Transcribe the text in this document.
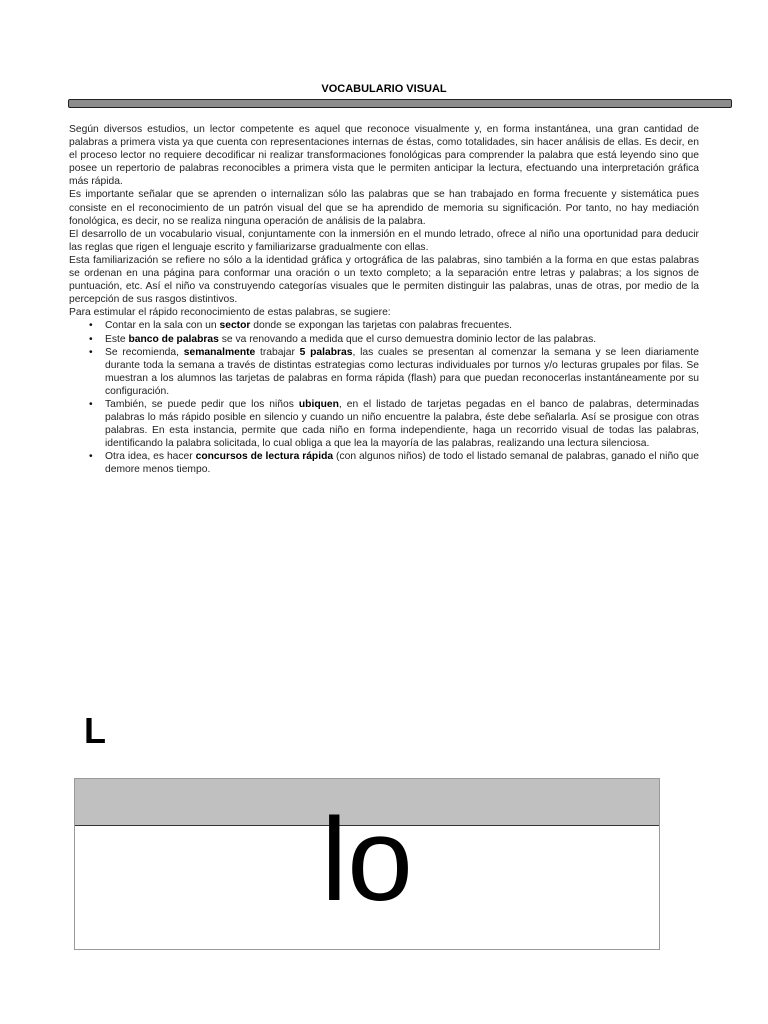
VOCABULARIO VISUAL

Según diversos estudios, un lector competente es aquel que reconoce visualmente y, en forma instantánea, una gran cantidad de palabras a primera vista ya que cuenta con representaciones internas de éstas, como totalidades, sin hacer análisis de ellas. Es decir, en el proceso lector no requiere decodificar ni realizar transformaciones fonológicas para comprender la palabra que está leyendo sino que posee un repertorio de palabras reconocibles a primera vista que le permiten anticipar la lectura, efectuando una interpretación gráfica más rápida.

Es importante señalar que se aprenden o internalizan sólo las palabras que se han trabajado en forma frecuente y sistemática pues consiste en el reconocimiento de un patrón visual del que se ha aprendido de memoria su significación. Por tanto, no hay mediación fonológica, es decir, no se realiza ninguna operación de análisis de la palabra.

El desarrollo de un vocabulario visual, conjuntamente con la inmersión en el mundo letrado, ofrece al niño una oportunidad para deducir las reglas que rigen el lenguaje escrito y familiarizarse gradualmente con ellas.

Esta familiarización se refiere no sólo a la identidad gráfica y ortográfica de las palabras, sino también a la forma en que estas palabras se ordenan en una página para conformar una oración o un texto completo; a la separación entre letras y palabras; a los signos de puntuación, etc. Así el niño va construyendo categorías visuales que le permiten distinguir las palabras, unas de otras, por medio de la percepción de sus rasgos distintivos.

Para estimular el rápido reconocimiento de estas palabras, se sugiere:

• Contar en la sala con un sector donde se expongan las tarjetas con palabras frecuentes.
• Este banco de palabras se va renovando a medida que el curso demuestra dominio lector de las palabras.
• Se recomienda, semanalmente trabajar 5 palabras, las cuales se presentan al comenzar la semana y se leen diariamente durante toda la semana a través de distintas estrategias como lecturas individuales por turnos y/o lecturas grupales por filas. Se muestran a los alumnos las tarjetas de palabras en forma rápida (flash) para que puedan reconocerlas instantáneamente por su configuración.
• También, se puede pedir que los niños ubiquen, en el listado de tarjetas pegadas en el banco de palabras, determinadas palabras lo más rápido posible en silencio y cuando un niño encuentre la palabra, éste debe señalarla. Así se prosigue con otras palabras. En esta instancia, permite que cada niño en forma independiente, haga un recorrido visual de todas las palabras, identificando la palabra solicitada, lo cual obliga a que lea la mayoría de las palabras, realizando una lectura silenciosa.
• Otra idea, es hacer concursos de lectura rápida (con algunos niños) de todo el listado semanal de palabras, ganado el niño que demore menos tiempo.
L
lo
